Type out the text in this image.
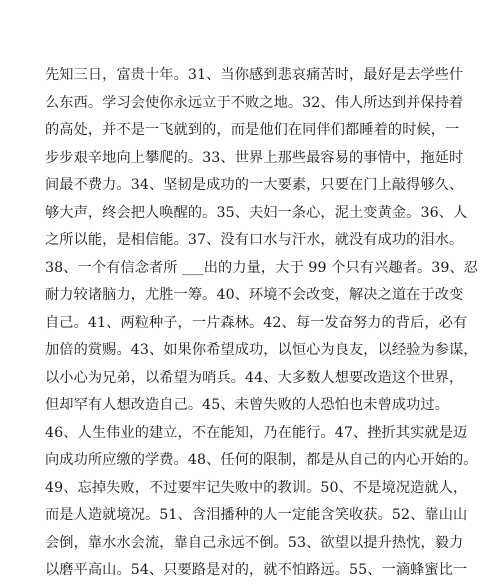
先知三日，富贵十年。31、当你感到悲哀痛苦时，最好是去学些什
么东西。学习会使你永远立于不败之地。32、伟人所达到并保持着
的高处，并不是一飞就到的，而是他们在同伴们都睡着的时候，一
步步艰辛地向上攀爬的。33、世界上那些最容易的事情中，拖延时
间最不费力。34、坚韧是成功的一大要素，只要在门上敲得够久、
够大声，终会把人唤醒的。35、夫妇一条心，泥土变黄金。36、人
之所以能，是相信能。37、没有口水与汗水，就没有成功的泪水。
38、一个有信念者所 ___出的力量，大于 99 个只有兴趣者。39、忍
耐力较诸脑力，尤胜一筹。40、环境不会改变，解决之道在于改变
自己。41、两粒种子，一片森林。42、每一发奋努力的背后，必有
加倍的赏赐。43、如果你希望成功，以恒心为良友，以经验为参谋，
以小心为兄弟，以希望为哨兵。44、大多数人想要改造这个世界，
但却罕有人想改造自己。45、未曾失败的人恐怕也未曾成功过。
46、人生伟业的建立，不在能知，乃在能行。47、挫折其实就是迈
向成功所应缴的学费。48、任何的限制，都是从自己的内心开始的。
49、忘掉失败，不过要牢记失败中的教训。50、不是境况造就人，
而是人造就境况。51、含泪播种的人一定能含笑收获。52、靠山山
会倒，靠水水会流，靠自己永远不倒。53、欲望以提升热忱，毅力
以磨平高山。54、只要路是对的，就不怕路远。55、一滴蜂蜜比一
